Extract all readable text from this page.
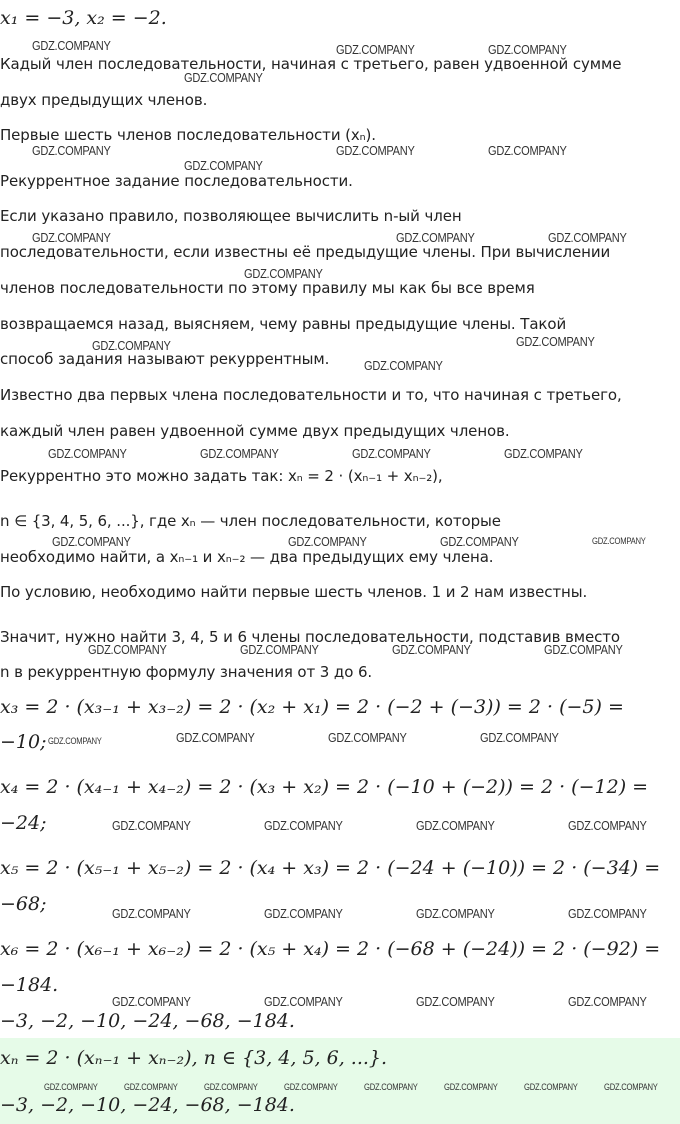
x₁ = −3, x₂ = −2.

Кадый член последовательности, начиная с третьего, равен удвоенной сумме

двух предыдущих членов.

Первые шесть членов последовательности (xₙ).

Рекуррентное задание последовательности.

Если указано правило, позволяющее вычислить n-ый член

последовательности, если известны её предыдущие члены. При вычислении

членов последовательности по этому правилу мы как бы все время

возвращаемся назад, выясняем, чему равны предыдущие члены. Такой

способ задания называют рекуррентным.

Известно два первых члена последовательности и то, что начиная с третьего,

каждый член равен удвоенной сумме двух предыдущих членов.

Рекуррентно это можно задать так: xₙ = 2 · (xₙ₋₁ + xₙ₋₂),

n ∈ {3, 4, 5, 6, ...}, где xₙ — член последовательности, которые

необходимо найти, а xₙ₋₁ и xₙ₋₂ — два предыдущих ему члена.

По условию, необходимо найти первые шесть членов. 1 и 2 нам известны.

Значит, нужно найти 3, 4, 5 и 6 члены последовательности, подставив вместо

n в рекуррентную формулу значения от 3 до 6.

x₃ = 2 · (x₃₋₁ + x₃₋₂) = 2 · (x₂ + x₁) = 2 · (−2 + (−3)) = 2 · (−5) =

−10;

x₄ = 2 · (x₄₋₁ + x₄₋₂) = 2 · (x₃ + x₂) = 2 · (−10 + (−2)) = 2 · (−12) =

−24;

x₅ = 2 · (x₅₋₁ + x₅₋₂) = 2 · (x₄ + x₃) = 2 · (−24 + (−10)) = 2 · (−34) =

−68;

x₆ = 2 · (x₆₋₁ + x₆₋₂) = 2 · (x₅ + x₄) = 2 · (−68 + (−24)) = 2 · (−92) =

−184.

−3, −2, −10, −24, −68, −184.

xₙ = 2 · (xₙ₋₁ + xₙ₋₂), n ∈ {3, 4, 5, 6, ...}.

−3, −2, −10, −24, −68, −184.

GDZ.COMPANY	GDZ.COMPANY	GDZ.COMPANY
GDZ.COMPANY
GDZ.COMPANY	GDZ.COMPANY	GDZ.COMPANY
GDZ.COMPANY
GDZ.COMPANY	GDZ.COMPANY	GDZ.COMPANY
GDZ.COMPANY
GDZ.COMPANY
GDZ.COMPANY
GDZ.COMPANY
GDZ.COMPANY	GDZ.COMPANY	GDZ.COMPANY	GDZ.COMPANY
GDZ.COMPANY	GDZ.COMPANY	GDZ.COMPANY	GDZ.COMPANY
GDZ.COMPANY	GDZ.COMPANY	GDZ.COMPANY	GDZ.COMPANY
GDZ.COMPANY	GDZ.COMPANY	GDZ.COMPANY	GDZ.COMPANY
GDZ.COMPANY	GDZ.COMPANY	GDZ.COMPANY	GDZ.COMPANY
GDZ.COMPANY	GDZ.COMPANY	GDZ.COMPANY	GDZ.COMPANY
GDZ.COMPANY	GDZ.COMPANY	GDZ.COMPANY	GDZ.COMPANY
GDZ.COMPANY	GDZ.COMPANY	GDZ.COMPANY	GDZ.COMPANY	GDZ.COMPANY	GDZ.COMPANY	GDZ.COMPANY	GDZ.COMPANY
